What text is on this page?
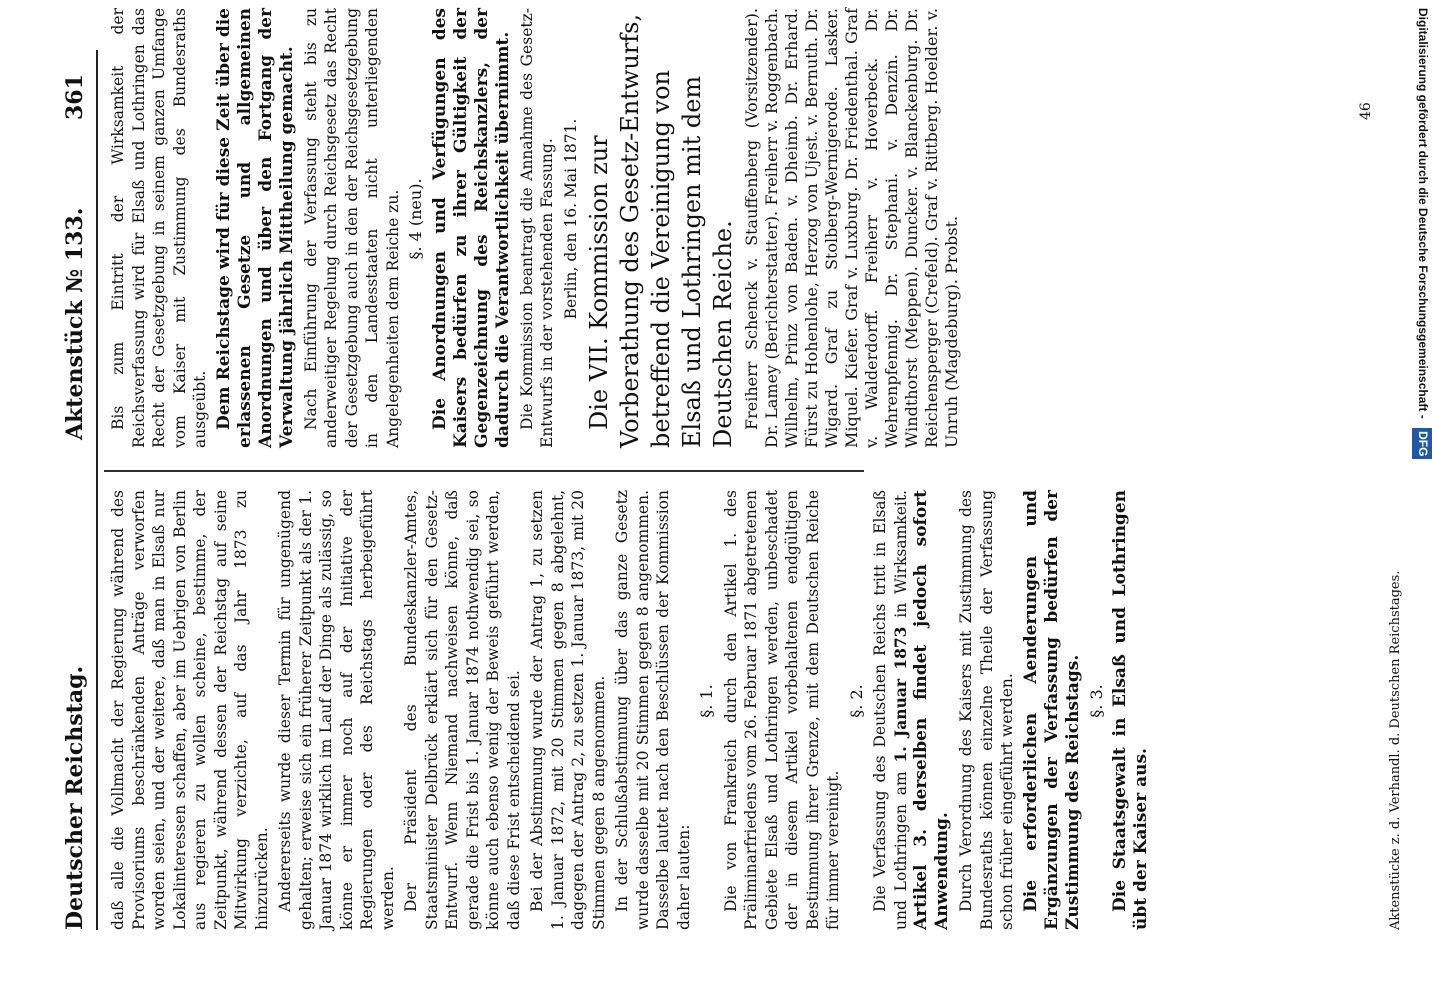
Deutscher Reichstag.
Aktenstück № 133.
361

daß alle die Vollmacht der Regierung während des Provisoriums beschränkenden Anträge verworfen worden seien, und der weitere, daß man in Elsaß nur Lokalinteressen schaffen, aber im Uebrigen von Berlin aus regieren zu wollen scheine, bestimme, der Zeitpunkt, während dessen der Reichstag auf seine Mitwirkung verzichte, auf das Jahr 1873 zu hinzurücken. Andererseits wurde dieser Termin für ungenügend gehalten; erweise sich ein früherer Zeitpunkt als der 1. Januar 1874 wirklich im Lauf der Dinge als zulässig, so könne er immer noch auf der Initiative der Regierungen oder des Reichstags herbeigeführt werden. Der Präsident des Bundeskanzler-Amtes, Staatsminister Delbrück erklärt sich für den Gesetz-Entwurf. Wenn Niemand nachweisen könne, daß gerade die Frist bis 1. Januar 1874 nothwendig sei, so könne auch ebenso wenig der Beweis geführt werden, daß diese Frist entscheidend sei. Bei der Abstimmung wurde der Antrag 1, zu setzen 1. Januar 1872, mit 20 Stimmen gegen 8 abgelehnt, dagegen der Antrag 2, zu setzen 1. Januar 1873, mit 20 Stimmen gegen 8 angenommen. In der Schlußabstimmung über das ganze Gesetz wurde dasselbe mit 20 Stimmen gegen 8 angenommen. Dasselbe lautet nach den Beschlüssen der Kommission daher lauten:

§. 1. Die von Frankreich durch den Artikel 1. des Präliminarfriedens vom 26. Februar 1871 abgetretenen Gebiete Elsaß und Lothringen werden, unbeschadet der in diesem Artikel vorbehaltenen endgültigen Bestimmung ihrer Grenze, mit dem Deutschen Reiche für immer vereinigt.

§. 2. Die Verfassung des Deutschen Reichs tritt in Elsaß und Lothringen am 1. Januar 1873 in Wirksamkeit. Artikel 3. derselben findet jedoch sofort Anwendung. Durch Verordnung des Kaisers mit Zustimmung des Bundesraths können einzelne Theile der Verfassung schon früher eingeführt werden. Die erforderlichen Aenderungen und Ergänzungen der Verfassung bedürfen der Zustimmung des Reichstags. §. 3. Die Staatsgewalt in Elsaß und Lothringen übt der Kaiser aus.

Bis zum Eintritt der Wirksamkeit der Reichsverfassung wird für Elsaß und Lothringen das Recht der Gesetzgebung in seinem ganzen Umfange vom Kaiser mit Zustimmung des Bundesraths ausgeübt. Dem Reichstage wird für diese Zeit über die erlassenen Gesetze und allgemeinen Anordnungen und über den Fortgang der Verwaltung jährlich Mittheilung gemacht. Nach Einführung der Verfassung steht bis zu anderweitiger Regelung durch Reichsgesetz das Recht der Gesetzgebung auch in den der Reichsgesetzgebung in den Landesstaaten nicht unterliegenden Angelegenheiten dem Reiche zu. §. 4 (neu). Die Anordnungen und Verfügungen des Kaisers bedürfen zu ihrer Gültigkeit der Gegenzeichnung des Reichskanzlers, der dadurch die Verantwortlichkeit übernimmt. Die Kommission beantragt die Annahme des Gesetz-Entwurfs in der vorstehenden Fassung. Berlin, den 16. Mai 1871. Die VII. Kommission zur Vorberathung des Gesetz-Entwurfs, betreffend die Vereinigung von Elsaß und Lothringen mit dem Deutschen Reiche. Freiherr Schenck v. Stauffenberg (Vorsitzender). Dr. Lamey (Berichterstatter). Freiherr v. Roggenbach. Wilhelm, Prinz von Baden. v. Dheimb. Dr. Erhard. Fürst zu Hohenlohe, Herzog von Ujest. v. Bernuth. Dr. Wigard. Graf zu Stolberg-Wernigerode. Lasker. Miquel. Kiefer. Graf v. Luxburg. Dr. Friedenthal. Graf v. Walderdorff. Freiherr v. Hoverbeck. Dr. Wehrenpfennig. Dr. Stephani. v. Denzin. Dr. Windthorst (Meppen). Duncker. v. Blanckenburg. Dr. Reichensperger (Crefeld). Graf v. Rittberg. Hoelder. v. Unruh (Magdeburg). Probst.

Aktenstücke z. d. Verhandl. d. Deutschen Reichstages.
46	Digitalisierung gefördert durch die Deutsche Forschungsgemeinschaft - DFG
